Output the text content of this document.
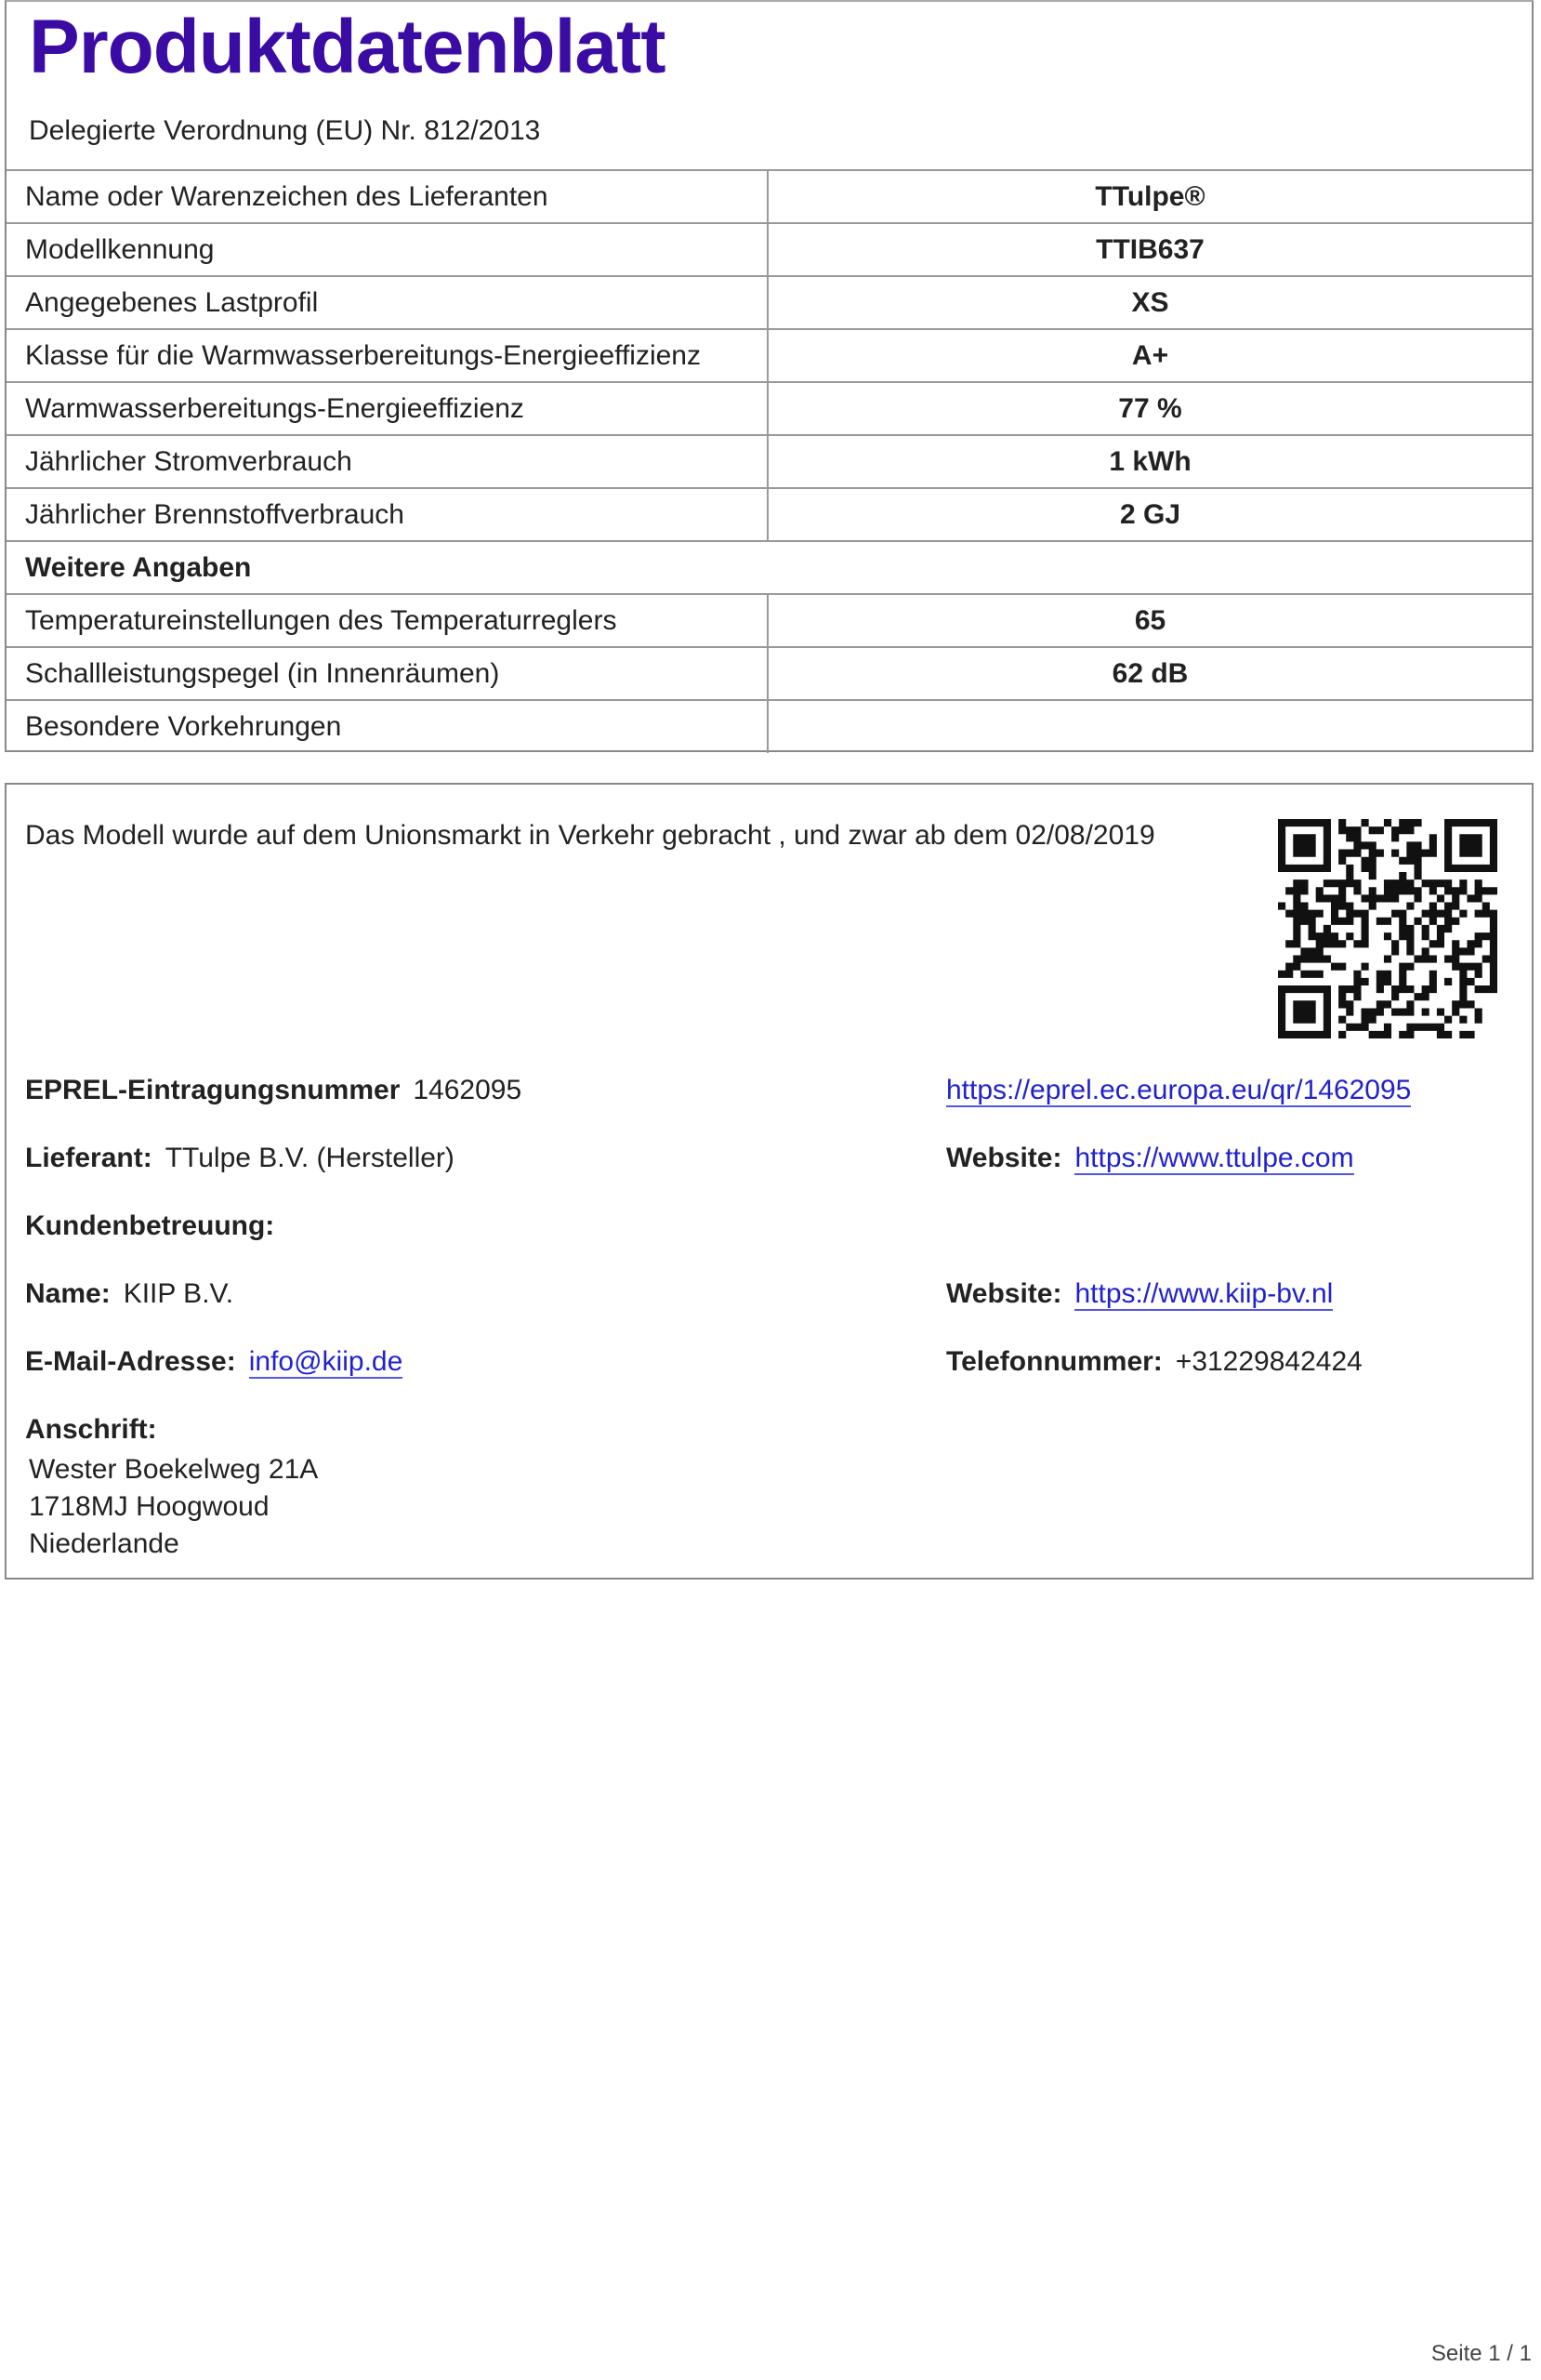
Produktdatenblatt
Delegierte Verordnung (EU) Nr. 812/2013
Name oder Warenzeichen des Lieferanten	TTulpe®
Modellkennung	TTIB637
Angegebenes Lastprofil	XS
Klasse für die Warmwasserbereitungs-Energieeffizienz	A+
Warmwasserbereitungs-Energieeffizienz	77 %
Jährlicher Stromverbrauch	1 kWh
Jährlicher Brennstoffverbrauch	2 GJ
Weitere Angaben	
Temperatureinstellungen des Temperaturreglers	65
Schallleistungspegel (in Innenräumen)	62 dB
Besondere Vorkehrungen	
Das Modell wurde auf dem Unionsmarkt in Verkehr gebracht , und zwar ab dem 02/08/2019
EPREL-Eintragungsnummer 1462095	https://eprel.ec.europa.eu/qr/1462095
Lieferant: TTulpe B.V. (Hersteller)	Website: https://www.ttulpe.com
Kundenbetreuung:
Name: KIIP B.V.	Website: https://www.kiip-bv.nl
E-Mail-Adresse: info@kiip.de	Telefonnummer: +31229842424
Anschrift:
Wester Boekelweg 21A
1718MJ Hoogwoud
Niederlande
Seite 1 / 1
